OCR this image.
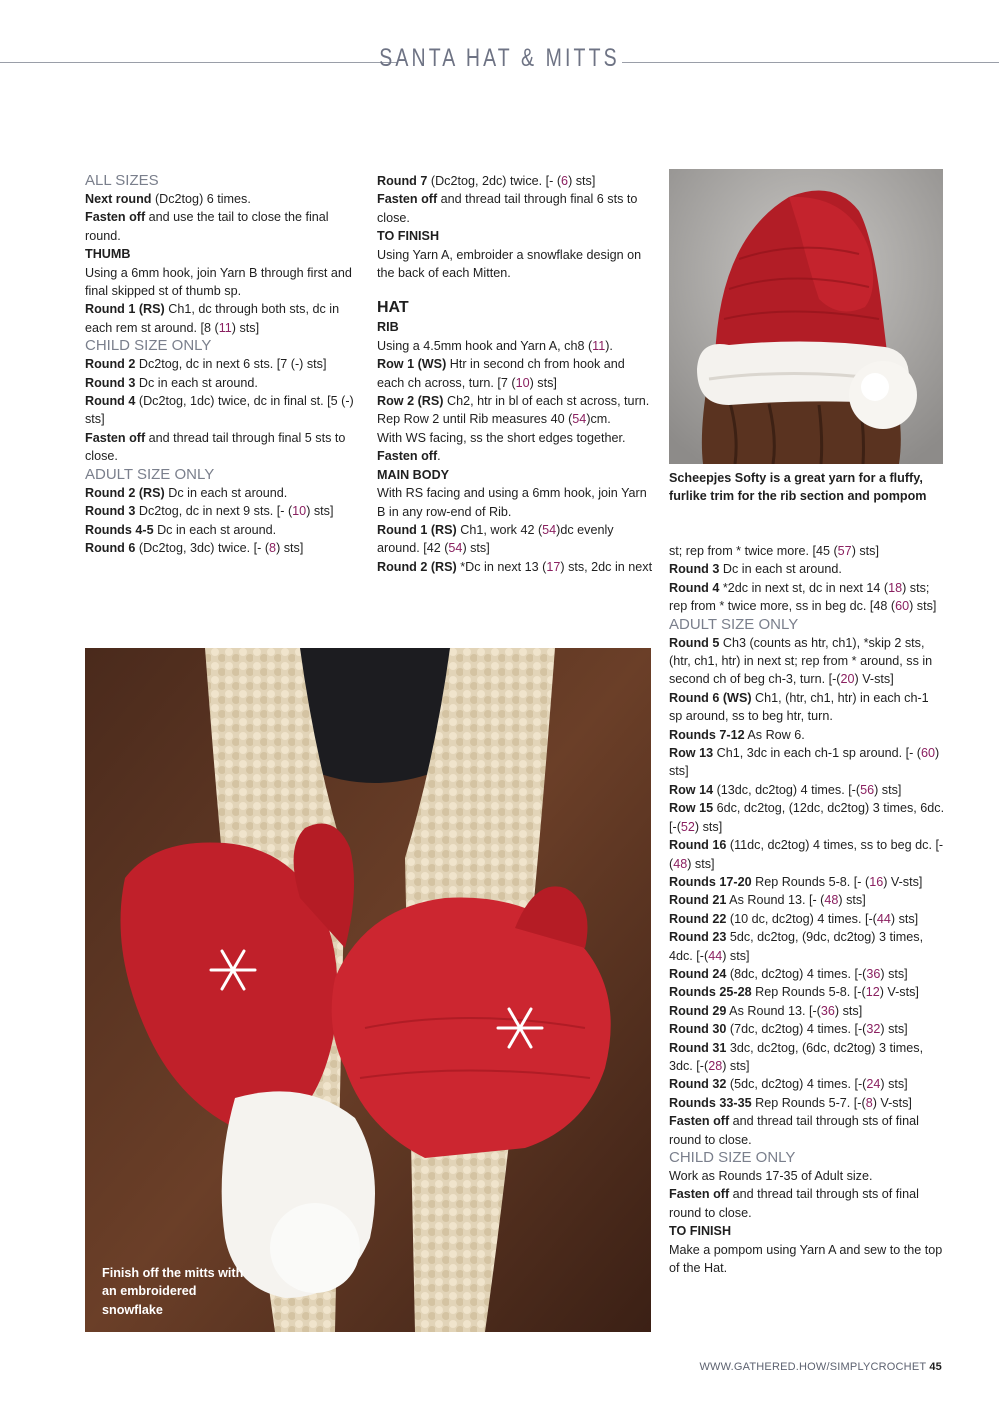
SANTA HAT & MITTS

ALL SIZES

Next round (Dc2tog) 6 times.

Fasten off and use the tail to close the final round.

THUMB

Using a 6mm hook, join Yarn B through first and final skipped st of thumb sp.

Round 1 (RS) Ch1, dc through both sts, dc in each rem st around. [8 (11) sts]

CHILD SIZE ONLY

Round 2 Dc2tog, dc in next 6 sts. [7 (-) sts]

Round 3 Dc in each st around.

Round 4 (Dc2tog, 1dc) twice, dc in final st. [5 (-) sts]

Fasten off and thread tail through final 5 sts to close.

ADULT SIZE ONLY

Round 2 (RS) Dc in each st around.

Round 3 Dc2tog, dc in next 9 sts. [- (10) sts]

Rounds 4-5 Dc in each st around.

Round 6 (Dc2tog, 3dc) twice. [- (8) sts]

Round 7 (Dc2tog, 2dc) twice. [- (6) sts]

Fasten off and thread tail through final 6 sts to close.

TO FINISH

Using Yarn A, embroider a snowflake design on the back of each Mitten.

HAT

RIB

Using a 4.5mm hook and Yarn A, ch8 (11).

Row 1 (WS) Htr in second ch from hook and each ch across, turn. [7 (10) sts]

Row 2 (RS) Ch2, htr in bl of each st across, turn.

Rep Row 2 until Rib measures 40 (54)cm.

With WS facing, ss the short edges together.

Fasten off.

MAIN BODY

With RS facing and using a 6mm hook, join Yarn B in any row-end of Rib.

Round 1 (RS) Ch1, work 42 (54)dc evenly around. [42 (54) sts]

Round 2 (RS) *Dc in next 13 (17) sts, 2dc in next

Scheepjes Softy is a great yarn for a fluffy, furlike trim for the rib section and pompom

st; rep from * twice more. [45 (57) sts]

Round 3 Dc in each st around.

Round 4 *2dc in next st, dc in next 14 (18) sts; rep from * twice more, ss in beg dc. [48 (60) sts]

ADULT SIZE ONLY

Round 5 Ch3 (counts as htr, ch1), *skip 2 sts, (htr, ch1, htr) in next st; rep from * around, ss in second ch of beg ch-3, turn. [-(20) V-sts]

Round 6 (WS) Ch1, (htr, ch1, htr) in each ch-1 sp around, ss to beg htr, turn.

Rounds 7-12 As Row 6.

Row 13 Ch1, 3dc in each ch-1 sp around. [- (60) sts]

Row 14 (13dc, dc2tog) 4 times. [-(56) sts]

Row 15 6dc, dc2tog, (12dc, dc2tog) 3 times, 6dc. [-(52) sts]

Round 16 (11dc, dc2tog) 4 times, ss to beg dc. [-(48) sts]

Rounds 17-20 Rep Rounds 5-8. [- (16) V-sts]

Round 21 As Round 13. [- (48) sts]

Round 22 (10 dc, dc2tog) 4 times. [-(44) sts]

Round 23 5dc, dc2tog, (9dc, dc2tog) 3 times, 4dc. [-(44) sts]

Round 24 (8dc, dc2tog) 4 times. [-(36) sts]

Rounds 25-28 Rep Rounds 5-8. [-(12) V-sts]

Round 29 As Round 13. [-(36) sts]

Round 30 (7dc, dc2tog) 4 times. [-(32) sts]

Round 31 3dc, dc2tog, (6dc, dc2tog) 3 times, 3dc. [-(28) sts]

Round 32 (5dc, dc2tog) 4 times. [-(24) sts]

Rounds 33-35 Rep Rounds 5-7. [-(8) V-sts]

Fasten off and thread tail through sts of final round to close.

CHILD SIZE ONLY

Work as Rounds 17-35 of Adult size.

Fasten off and thread tail through sts of final round to close.

TO FINISH

Make a pompom using Yarn A and sew to the top of the Hat.

Finish off the mitts with an embroidered snowflake
WWW.GATHERED.HOW/SIMPLYCROCHET 45
